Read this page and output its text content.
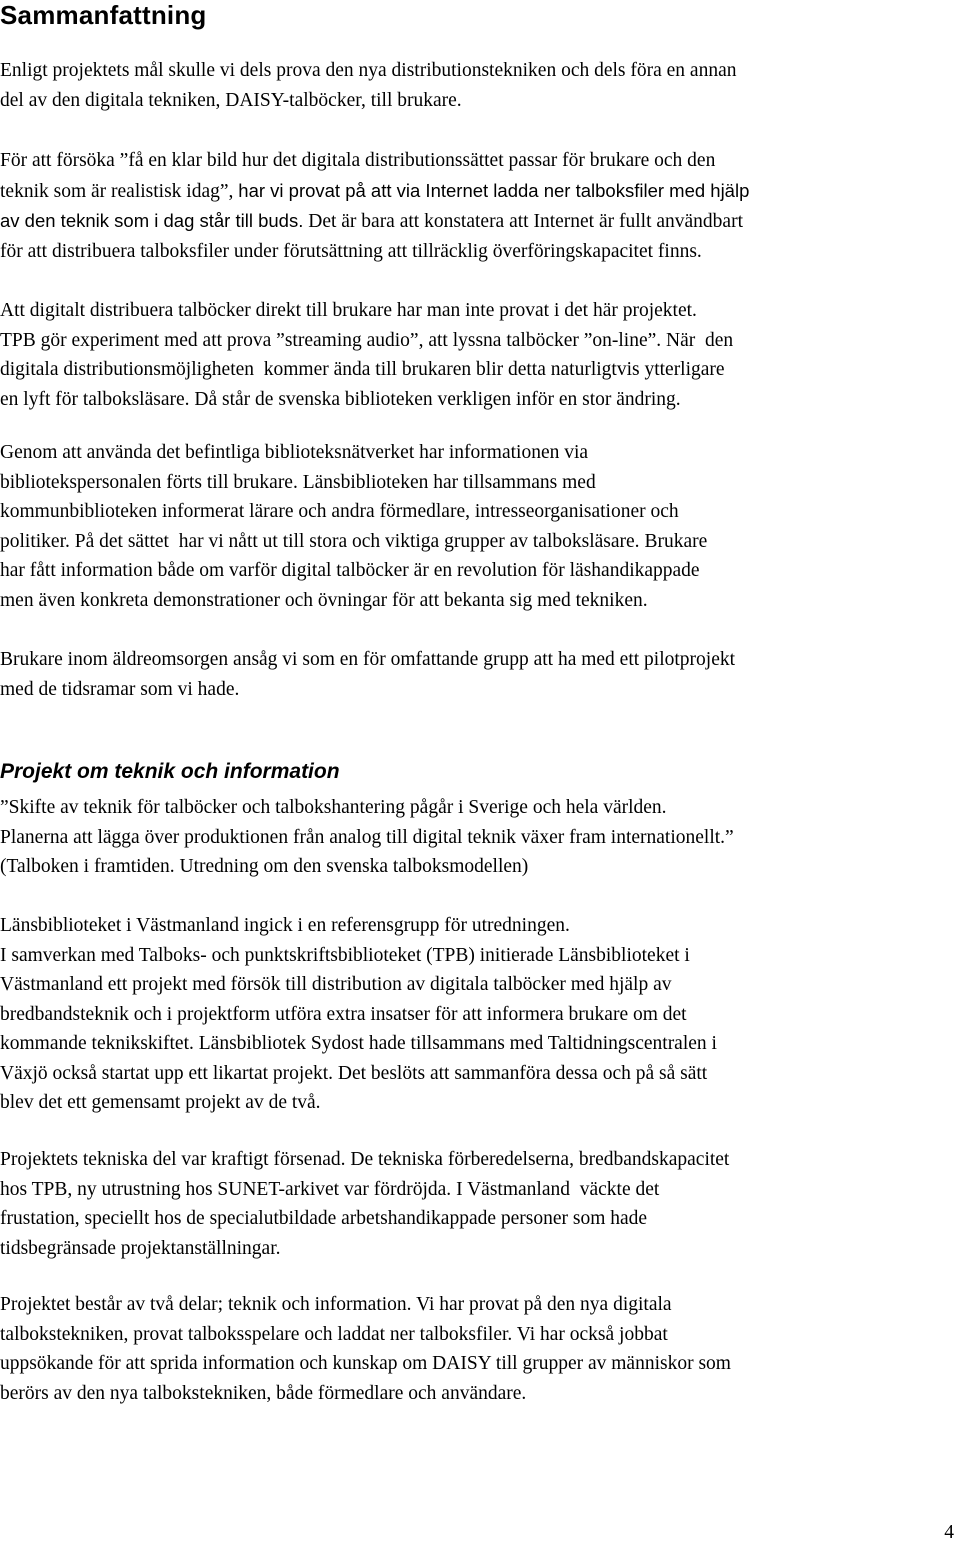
Sammanfattning

Enligt projektets mål skulle vi dels prova den nya distributionstekniken och dels föra en annan
del av den digitala tekniken, DAISY-talböcker, till brukare.

För att försöka ”få en klar bild hur det digitala distributionssättet passar för brukare och den
teknik som är realistisk idag”, har vi provat på att via Internet ladda ner talboksfiler med hjälp
av den teknik som i dag står till buds. Det är bara att konstatera att Internet är fullt användbart
för att distribuera talboksfiler under förutsättning att tillräcklig överföringskapacitet finns.

Att digitalt distribuera talböcker direkt till brukare har man inte provat i det här projektet.
TPB gör experiment med att prova ”streaming audio”, att lyssna talböcker ”on-line”. När  den
digitala distributionsmöjligheten  kommer ända till brukaren blir detta naturligtvis ytterligare
en lyft för talboksläsare. Då står de svenska biblioteken verkligen inför en stor ändring.

Genom att använda det befintliga biblioteksnätverket har informationen via
bibliotekspersonalen förts till brukare. Länsbiblioteken har tillsammans med
kommunbiblioteken informerat lärare och andra förmedlare, intresseorganisationer och
politiker. På det sättet  har vi nått ut till stora och viktiga grupper av talboksläsare. Brukare
har fått information både om varför digital talböcker är en revolution för läshandikappade
men även konkreta demonstrationer och övningar för att bekanta sig med tekniken.

Brukare inom äldreomsorgen ansåg vi som en för omfattande grupp att ha med ett pilotprojekt
med de tidsramar som vi hade.

Projekt om teknik och information

”Skifte av teknik för talböcker och talbokshantering pågår i Sverige och hela världen.
Planerna att lägga över produktionen från analog till digital teknik växer fram internationellt.”
(Talboken i framtiden. Utredning om den svenska talboksmodellen)

Länsbiblioteket i Västmanland ingick i en referensgrupp för utredningen.
I samverkan med Talboks- och punktskriftsbiblioteket (TPB) initierade Länsbiblioteket i
Västmanland ett projekt med försök till distribution av digitala talböcker med hjälp av
bredbandsteknik och i projektform utföra extra insatser för att informera brukare om det
kommande teknikskiftet. Länsbibliotek Sydost hade tillsammans med Taltidningscentralen i
Växjö också startat upp ett likartat projekt. Det beslöts att sammanföra dessa och på så sätt
blev det ett gemensamt projekt av de två.

Projektets tekniska del var kraftigt försenad. De tekniska förberedelserna, bredbandskapacitet
hos TPB, ny utrustning hos SUNET-arkivet var fördröjda. I Västmanland  väckte det
frustation, speciellt hos de specialutbildade arbetshandikappade personer som hade
tidsbegränsade projektanställningar.

Projektet består av två delar; teknik och information. Vi har provat på den nya digitala
talbokstekniken, provat talboksspelare och laddat ner talboksfiler. Vi har också jobbat
uppsökande för att sprida information och kunskap om DAISY till grupper av människor som
berörs av den nya talbokstekniken, både förmedlare och användare.

4
